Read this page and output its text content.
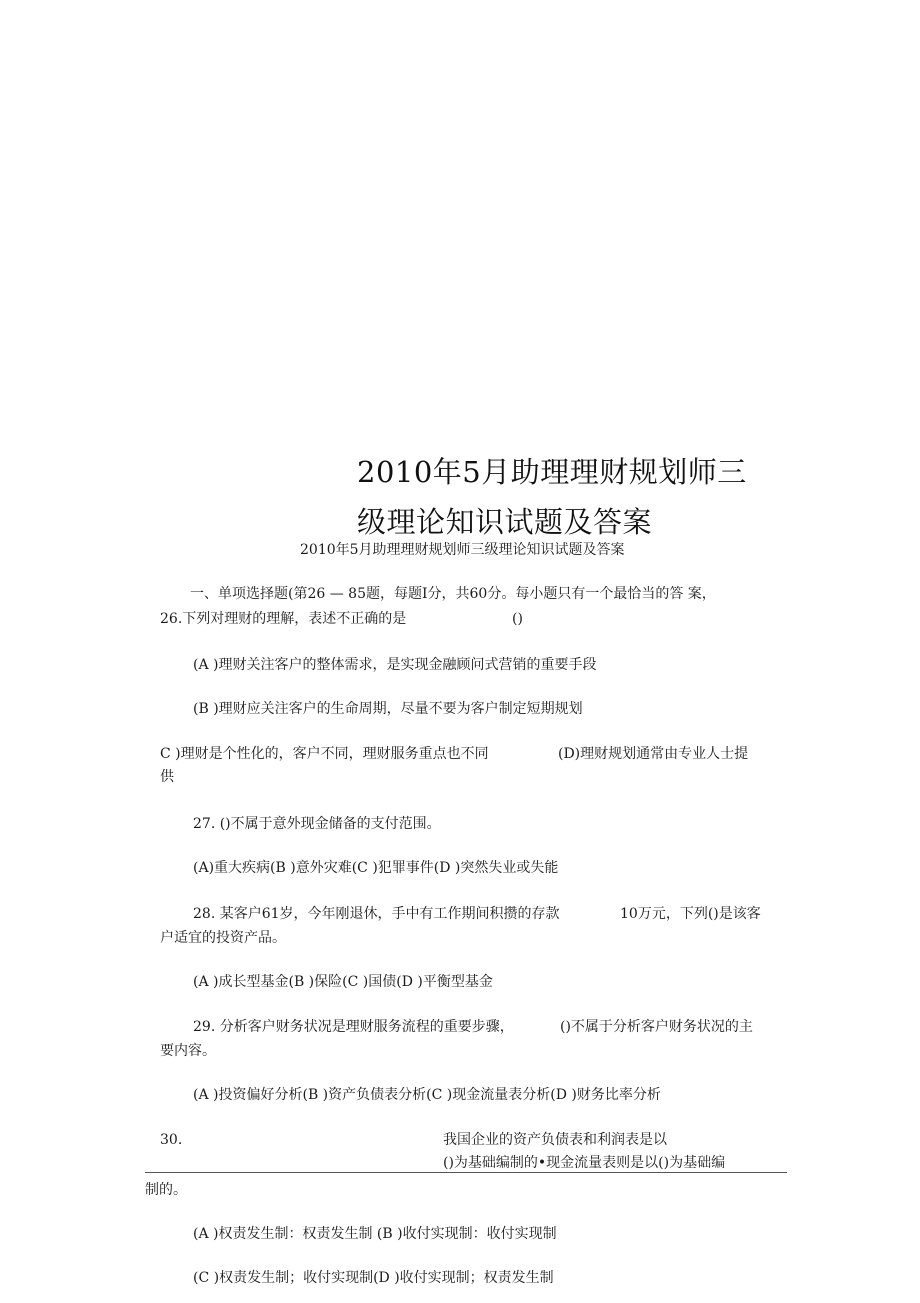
2010年5月助理理财规划师三
级理论知识试题及答案
2010年5月助理理财规划师三级理论知识试题及答案
一、单项选择题(第26 — 85题，每题I分，共60分。每小题只有一个最恰当的答 案，
26.下列对理财的理解，表述不正确的是	()
(A )理财关注客户的整体需求，是实现金融顾问式营销的重要手段
(B )理财应关注客户的生命周期，尽量不要为客户制定短期规划
C )理财是个性化的，客户不同，理财服务重点也不同	(D)理财规划通常由专业人士提
供
27. ()不属于意外现金储备的支付范围。
(A)重大疾病(B )意外灾难(C )犯罪事件(D )突然失业或失能
28. 某客户61岁，今年刚退休，手中有工作期间积攒的存款	10万元，下列()是该客
户适宜的投资产品。
(A )成长型基金(B )保险(C )国债(D )平衡型基金
29. 分析客户财务状况是理财服务流程的重要步骤，	()不属于分析客户财务状况的主
要内容。
(A )投资偏好分析(B )资产负债表分析(C )现金流量表分析(D )财务比率分析
30.	我国企业的资产负债表和利润表是以
()为基础编制的•现金流量表则是以()为基础编
制的。
(A )权责发生制：权责发生制 (B )收付实现制：收付实现制
(C )权责发生制；收付实现制(D )收付实现制；权责发生制
